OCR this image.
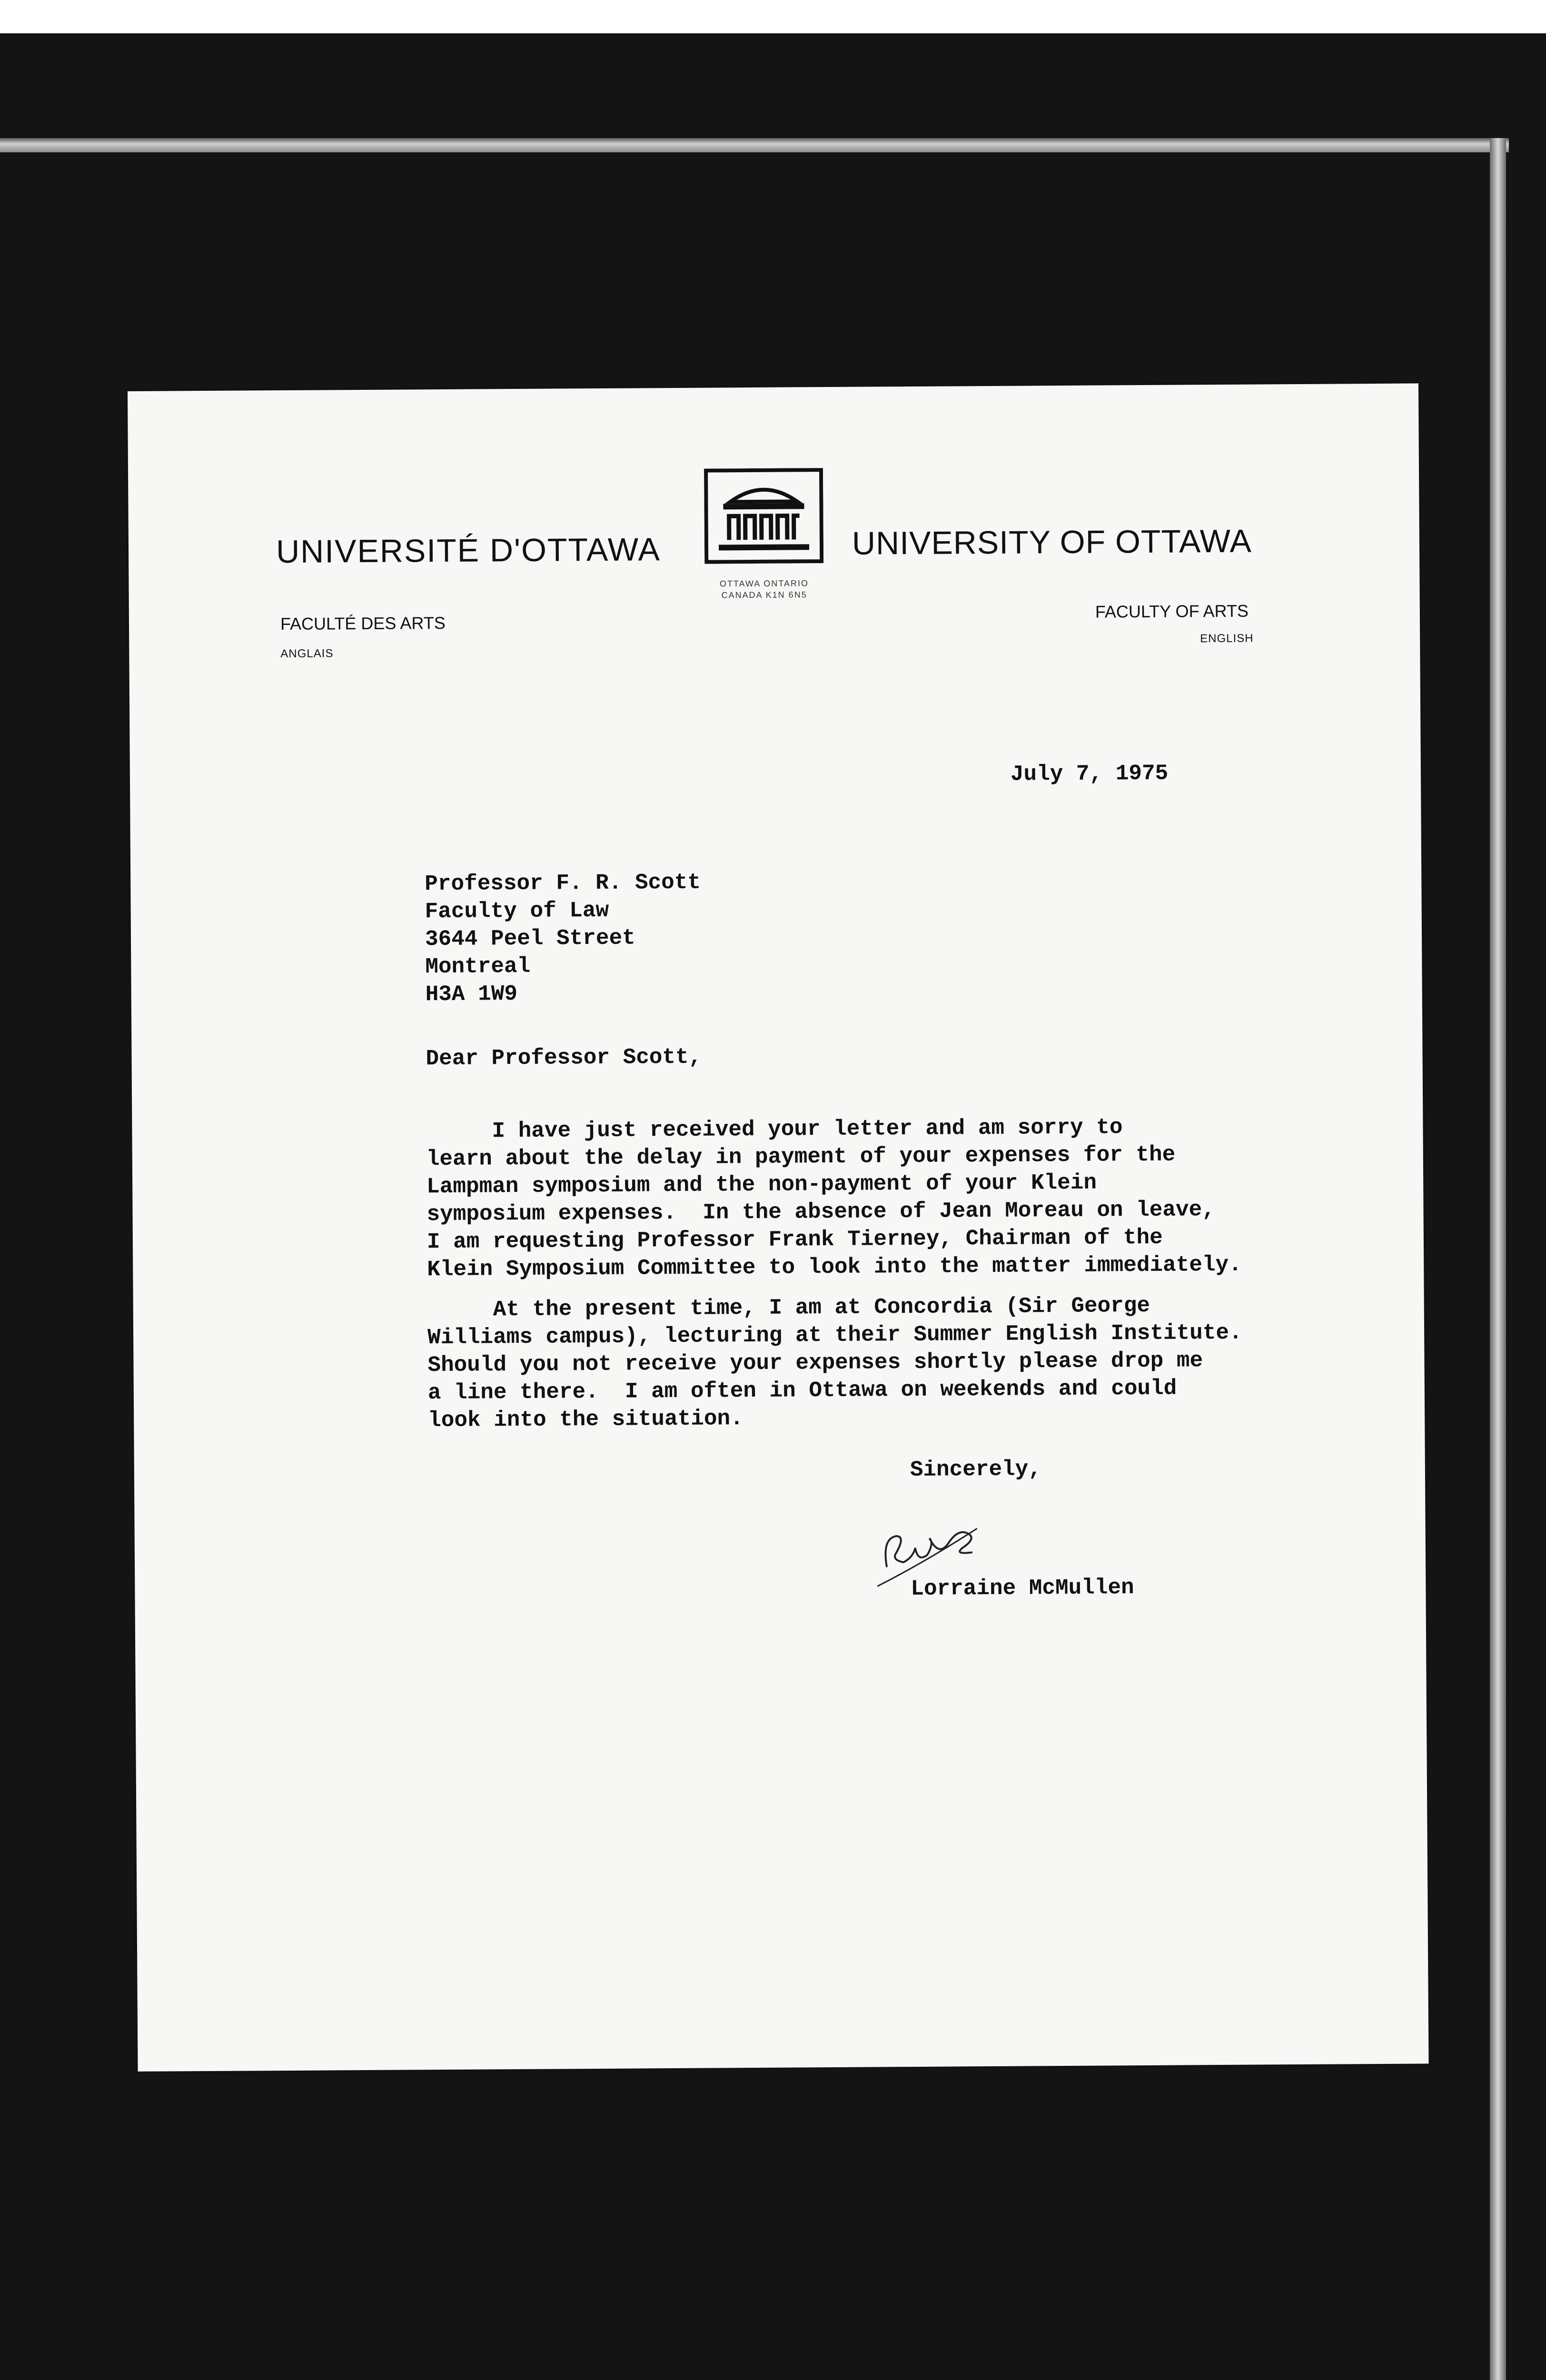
UNIVERSITÉ D'OTTAWA
OTTAWA ONTARIO
CANADA K1N 6N5
UNIVERSITY OF OTTAWA
FACULTÉ DES ARTS
ANGLAIS
FACULTY OF ARTS
ENGLISH
July 7, 1975
Professor F. R. Scott
Faculty of Law
3644 Peel Street
Montreal
H3A 1W9
Dear Professor Scott,
I have just received your letter and am sorry to
learn about the delay in payment of your expenses for the
Lampman symposium and the non-payment of your Klein
symposium expenses.  In the absence of Jean Moreau on leave,
I am requesting Professor Frank Tierney, Chairman of the
Klein Symposium Committee to look into the matter immediately.
At the present time, I am at Concordia (Sir George
Williams campus), lecturing at their Summer English Institute.
Should you not receive your expenses shortly please drop me
a line there.  I am often in Ottawa on weekends and could
look into the situation.
Sincerely,
Lorraine McMullen
